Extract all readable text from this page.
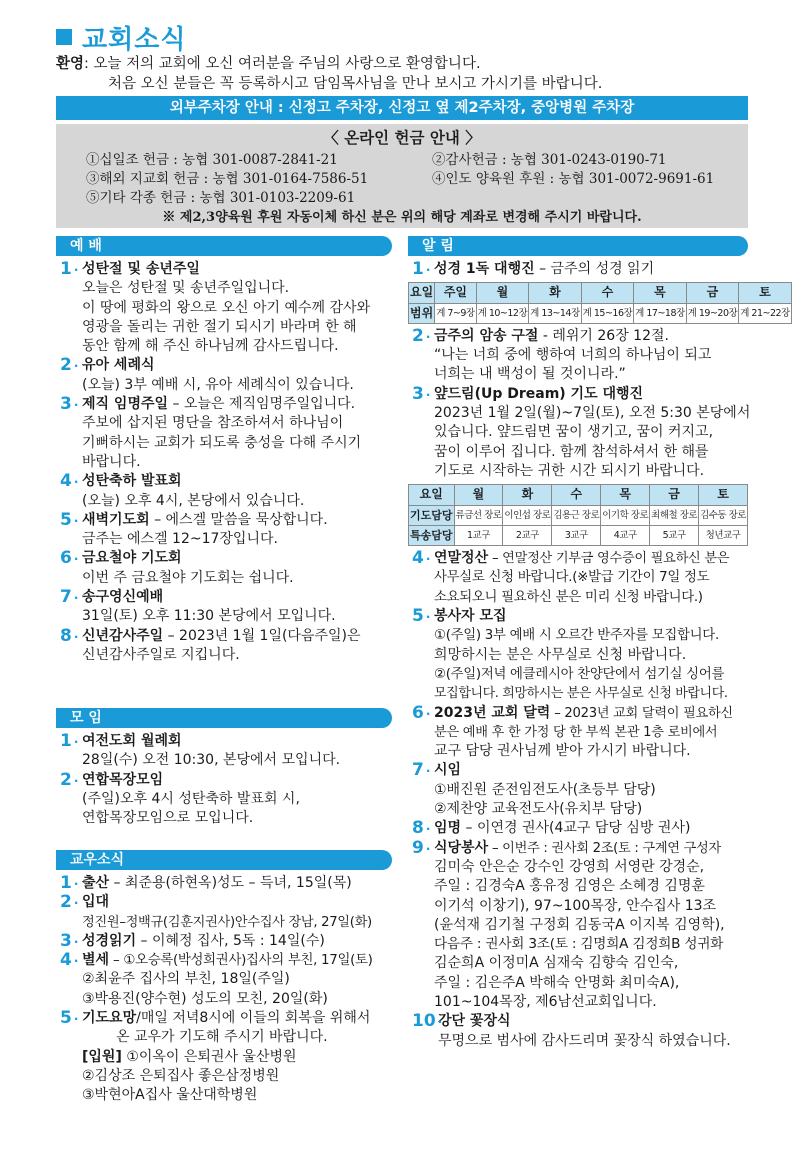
교회소식
환영: 오늘 저의 교회에 오신 여러분을 주님의 사랑으로 환영합니다.
처음 오신 분들은 꼭 등록하시고 담임목사님을 만나 보시고 가시기를 바랍니다.
외부주차장 안내 : 신정고 주차장, 신정고 옆 제2주차장, 중앙병원 주차장
〈 온라인 헌금 안내 〉
①십일조 헌금 : 농협 301-0087-2841-21	②감사헌금 : 농협 301-0243-0190-71
③해외 지교회 헌금 : 농협 301-0164-7586-51	④인도 양육원 후원 : 농협 301-0072-9691-61
⑤기타 각종 헌금 : 농협 301-0103-2209-61
※ 제2,3양육원 후원 자동이체 하신 분은 위의 해당 계좌로 변경해 주시기 바랍니다.
예 배
1 · 성탄절 및 송년주일
오늘은 성탄절 및 송년주일입니다.
이 땅에 평화의 왕으로 오신 아기 예수께 감사와
영광을 돌리는 귀한 절기 되시기 바라며 한 해
동안 함께 해 주신 하나님께 감사드립니다.
2 · 유아 세례식
(오늘) 3부 예배 시, 유아 세례식이 있습니다.
3 · 제직 임명주일 – 오늘은 제직임명주일입니다.
주보에 삽지된 명단을 참조하셔서 하나님이
기뻐하시는 교회가 되도록 충성을 다해 주시기
바랍니다.
4 · 성탄축하 발표회
(오늘) 오후 4시, 본당에서 있습니다.
5 · 새벽기도회 – 에스겔 말씀을 묵상합니다.
금주는 에스겔 12~17장입니다.
6 · 금요철야 기도회
이번 주 금요철야 기도회는 쉽니다.
7 · 송구영신예배
31일(토) 오후 11:30 본당에서 모입니다.
8 · 신년감사주일 – 2023년 1월 1일(다음주일)은
신년감사주일로 지킵니다.
모 임
1 · 여전도회 월례회
28일(수) 오전 10:30, 본당에서 모입니다.
2 · 연합목장모임
(주일)오후 4시 성탄축하 발표회 시,
연합목장모임으로 모입니다.
교우소식
1 · 출산 – 최준용(하현옥)성도 – 득녀, 15일(목)
2 · 입대
정진원–정백규(김훈지권사)안수집사 장남, 27일(화)
3 · 성경읽기 – 이혜정 집사, 5독 : 14일(수)
4 · 별세 – ①오승록(박성희권사)집사의 부친, 17일(토)
②최윤주 집사의 부친, 18일(주일)
③박용진(양수현) 성도의 모친, 20일(화)
5 · 기도요망/매일 저녁8시에 이들의 회복을 위해서
온 교우가 기도해 주시기 바랍니다.
[입원] ①이옥이 은퇴권사 울산병원
②김상조 은퇴집사 좋은삼정병원
③박현아A집사 울산대학병원
알 림
1 · 성경 1독 대행진 – 금주의 성경 읽기
요일	주일	월	화	수	목	금	토
범위	계 7~9장	계 10~12장	계 13~14장	계 15~16장	계 17~18장	계 19~20장	계 21~22장
2 · 금주의 암송 구절 - 레위기 26장 12절.
“나는 너희 중에 행하여 너희의 하나님이 되고
너희는 내 백성이 될 것이니라.”
3 · 얖드림(Up Dream) 기도 대행진
2023년 1월 2일(월)~7일(토), 오전 5:30 본당에서
있습니다. 얖드림면 꿈이 생기고, 꿈이 커지고,
꿈이 이루어 집니다. 함께 참석하셔서 한 해를
기도로 시작하는 귀한 시간 되시기 바랍니다.
요일	월	화	수	목	금	토
기도담당	류금선 장로	이인섭 장로	김용근 장로	이기학 장로	최해철 장로	김수동 장로
특송담당	1교구	2교구	3교구	4교구	5교구	청년교구
4 · 연말정산 – 연말정산 기부금 영수증이 필요하신 분은
사무실로 신청 바랍니다.(※발급 기간이 7일 정도
소요되오니 필요하신 분은 미리 신청 바랍니다.)
5 · 봉사자 모집
①(주일) 3부 예배 시 오르간 반주자를 모집합니다.
희망하시는 분은 사무실로 신청 바랍니다.
②(주일)저녁 에클레시아 찬양단에서 섬기실 싱어를
모집합니다. 희망하시는 분은 사무실로 신청 바랍니다.
6 · 2023년 교회 달력 – 2023년 교회 달력이 필요하신
분은 예배 후 한 가정 당 한 부씩 본관 1층 로비에서
교구 담당 권사님께 받아 가시기 바랍니다.
7 · 시임
①배진원 준전임전도사(초등부 담당)
②제찬양 교육전도사(유치부 담당)
8 · 임명 – 이연경 권사(4교구 담당 심방 권사)
9 · 식당봉사 – 이번주 : 권사회 2조(토 : 구계연 구성자
김미숙 안은순 강수인 강영희 서영란 강경순,
주일 : 김경숙A 홍유정 김영은 소혜경 김명훈
이기석 이창기), 97~100목장, 안수집사 13조
(윤석재 김기철 구정회 김동국A 이지복 김영학),
다음주 : 권사회 3조(토 : 김명희A 김정희B 성귀화
김순희A 이정미A 심재숙 김향숙 김인숙,
주일 : 김은주A 박해숙 안명화 최미숙A),
101~104목장, 제6남선교회입니다.
10 · 강단 꽃장식
무명으로 범사에 감사드리며 꽃장식 하였습니다.
